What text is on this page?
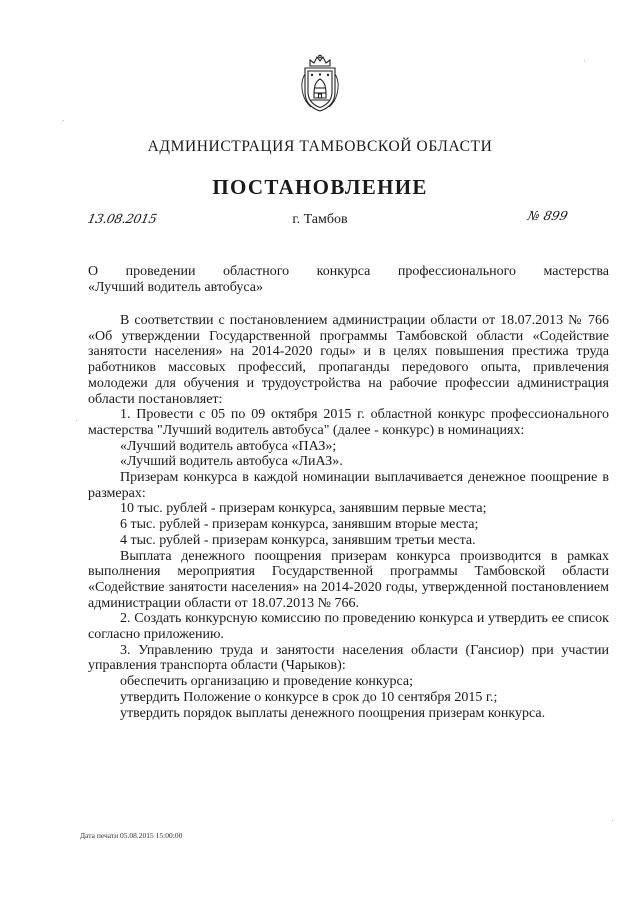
АДМИНИСТРАЦИЯ ТАМБОВСКОЙ ОБЛАСТИ
ПОСТАНОВЛЕНИЕ
13.08.2015	г. Тамбов	№ 899
О проведении областного конкурса профессионального мастерства
«Лучший водитель автобуса»

В соответствии с постановлением администрации области от 18.07.2013 № 766 «Об утверждении Государственной программы Тамбовской области «Содействие занятости населения» на 2014-2020 годы» и в целях повышения престижа труда работников массовых профессий, пропаганды передового опыта, привлечения молодежи для обучения и трудоустройства на рабочие профессии администрация области постановляет:

1. Провести с 05 по 09 октября 2015 г. областной конкурс профессионального мастерства "Лучший водитель автобуса" (далее - конкурс) в номинациях:

«Лучший водитель автобуса «ПАЗ»;

«Лучший водитель автобуса «ЛиАЗ».

Призерам конкурса в каждой номинации выплачивается денежное поощрение в размерах:

10 тыс. рублей - призерам конкурса, занявшим первые места;

6 тыс. рублей - призерам конкурса, занявшим вторые места;

4 тыс. рублей - призерам конкурса, занявшим третьи места.

Выплата денежного поощрения призерам конкурса производится в рамках выполнения мероприятия Государственной программы Тамбовской области «Содействие занятости населения» на 2014-2020 годы, утвержденной постановлением администрации области от 18.07.2013 № 766.

2. Создать конкурсную комиссию по проведению конкурса и утвердить ее список согласно приложению.

3. Управлению труда и занятости населения области (Гансиор) при участии управления транспорта области (Чарыков):

обеспечить организацию и проведение конкурса;

утвердить Положение о конкурсе в срок до 10 сентября 2015 г.;

утвердить порядок выплаты денежного поощрения призерам конкурса.

Дата печати 05.08.2015 15:00:00
